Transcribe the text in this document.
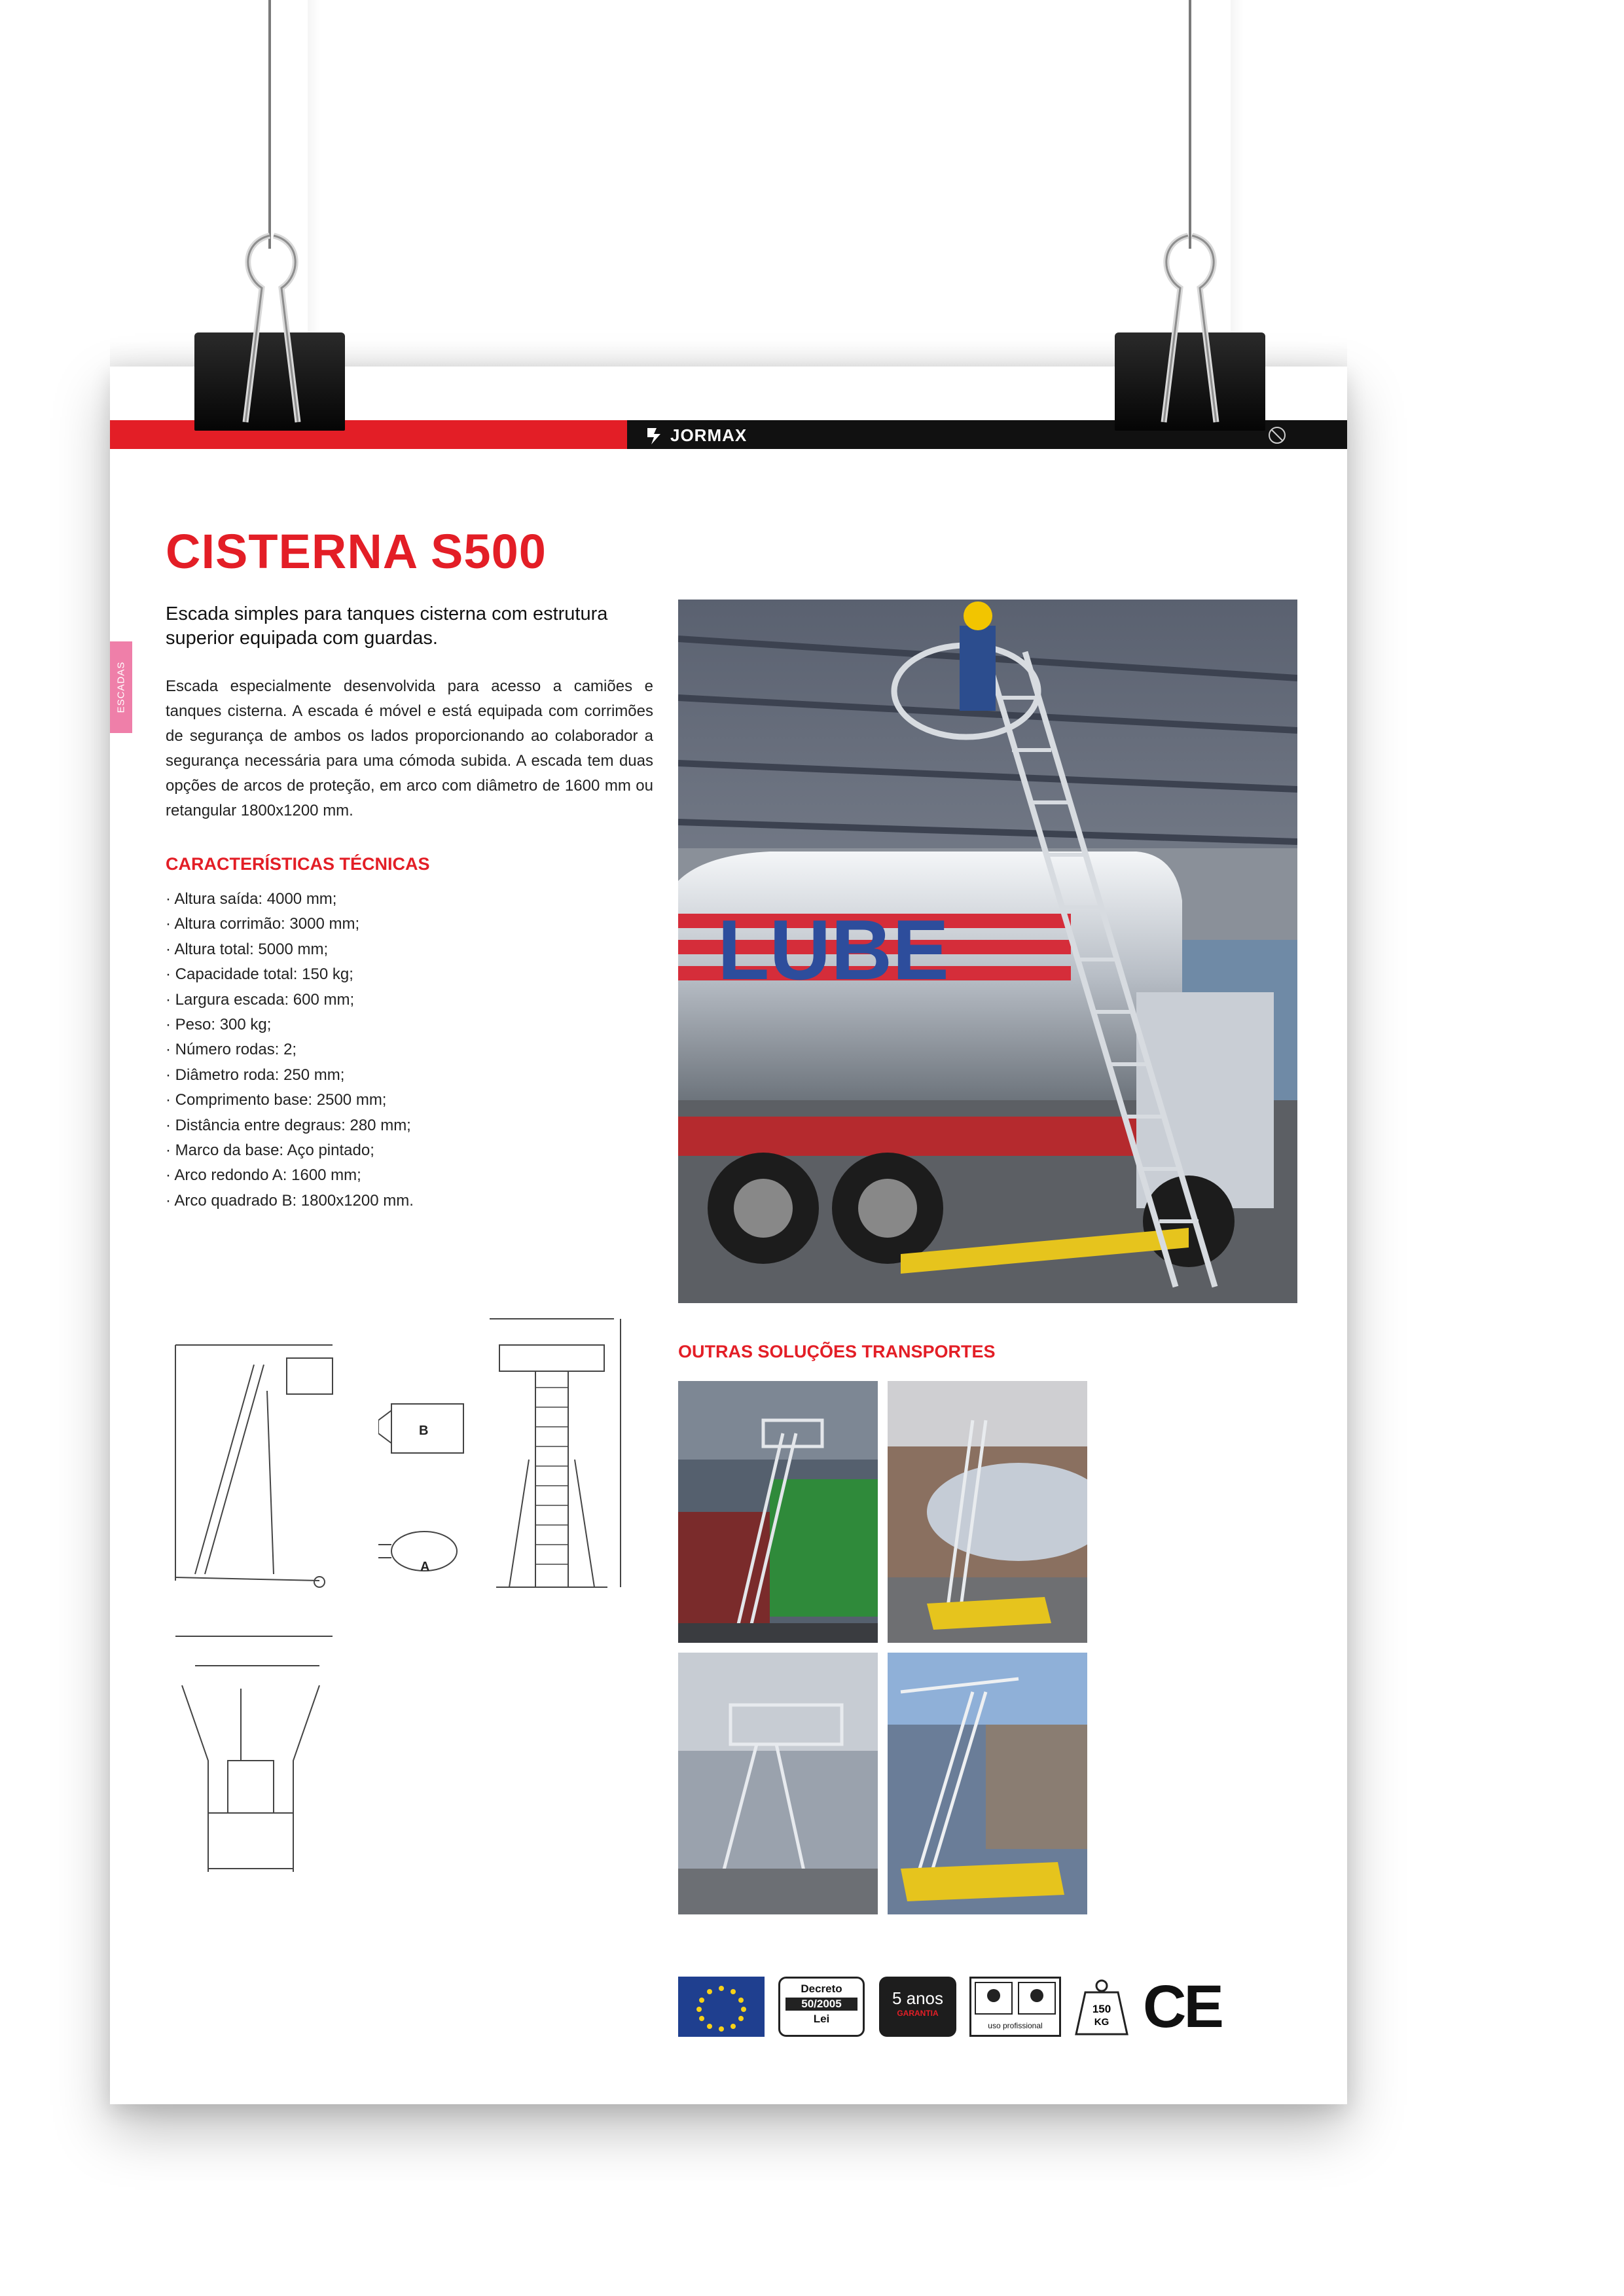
JORMAX
ESCADAS
CISTERNA S500
Escada simples para tanques cisterna com estrutura superior equipada com guardas.
Escada especialmente desenvolvida para acesso a camiões e tanques cisterna. A escada é móvel e está equipada com corrimões de segurança de ambos os lados proporcionando ao colaborador a segurança necessária para uma cómoda subida. A escada tem duas opções de arcos de proteção, em arco com diâmetro de 1600 mm ou retangular 1800x1200 mm.
CARACTERÍSTICAS TÉCNICAS
· Altura saída: 4000 mm;
· Altura corrimão: 3000 mm;
· Altura total: 5000 mm;
· Capacidade total: 150 kg;
· Largura escada: 600 mm;
· Peso: 300 kg;
· Número rodas: 2;
· Diâmetro roda: 250 mm;
· Comprimento base: 2500 mm;
· Distância entre degraus: 280 mm;
· Marco da base: Aço pintado;
· Arco redondo A: 1600 mm;
· Arco quadrado B: 1800x1200 mm.
LUBE
B
A
OUTRAS SOLUÇÕES TRANSPORTES
Decreto
50/2005
Lei
5 anos
GARANTIA
uso profissional
150
KG CE
